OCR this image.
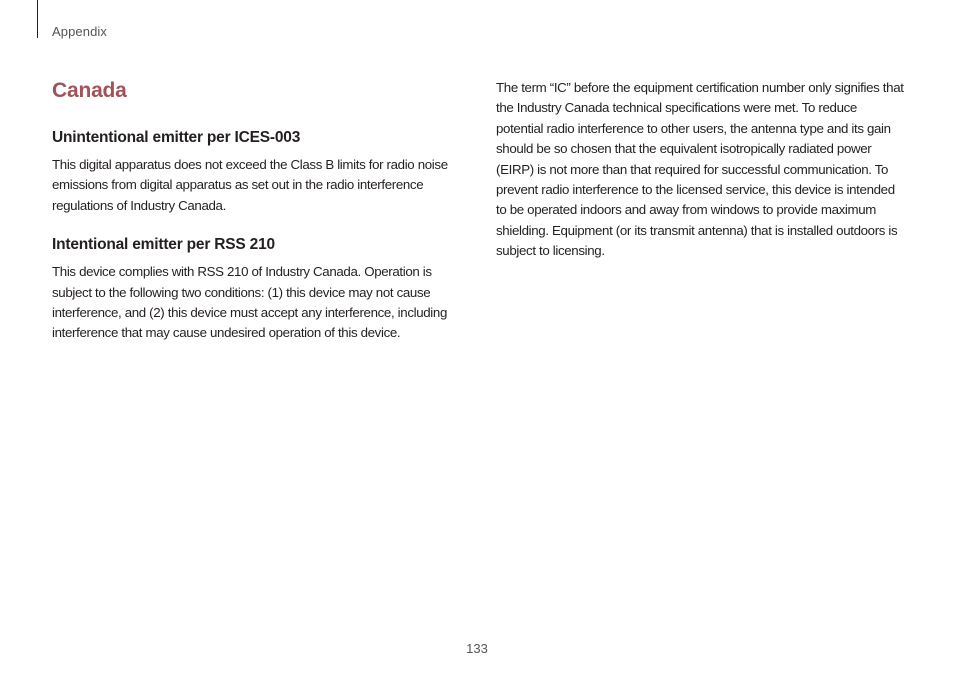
Appendix
Canada
Unintentional emitter per ICES-003

This digital apparatus does not exceed the Class B limits for radio noise emissions from digital apparatus as set out in the radio interference regulations of Industry Canada.

Intentional emitter per RSS 210

This device complies with RSS 210 of Industry Canada. Operation is subject to the following two conditions: (1) this device may not cause interference, and (2) this device must accept any interference, including interference that may cause undesired operation of this device.

The term “IC” before the equipment certification number only signifies that the Industry Canada technical specifications were met. To reduce potential radio interference to other users, the antenna type and its gain should be so chosen that the equivalent isotropically radiated power (EIRP) is not more than that required for successful communication. To prevent radio interference to the licensed service, this device is intended to be operated indoors and away from windows to provide maximum shielding. Equipment (or its transmit antenna) that is installed outdoors is subject to licensing.

133
